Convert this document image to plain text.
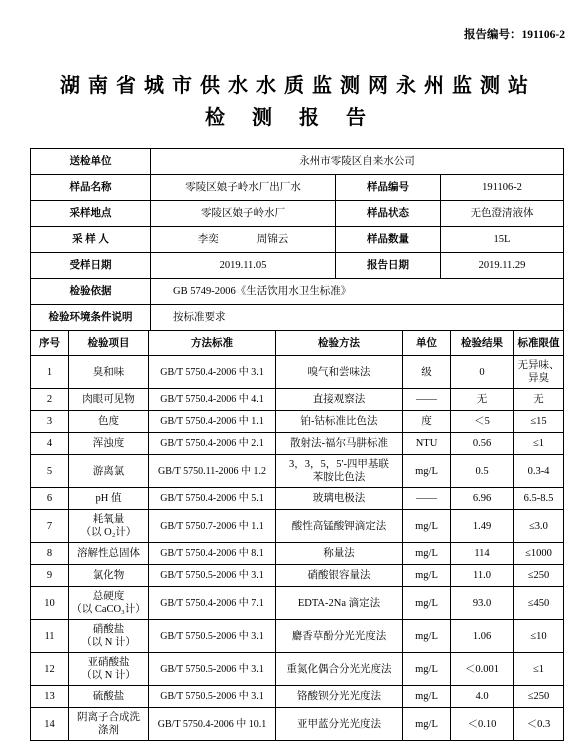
报告编号：191106-2
湖南省城市供水水质监测网永州监测站
检 测 报 告
送检单位	永州市零陵区自来水公司		
样品名称	零陵区娘子岭水厂出厂水	样品编号	191106-2
采样地点	零陵区娘子岭水厂	样品状态	无色澄清液体
采 样 人	李奕 周锦云	样品数量	15L
受样日期	2019.11.05	报告日期	2019.11.29
检验依据	GB 5749-2006《生活饮用水卫生标准》		
检验环境条件说明	按标准要求		
序号	检验项目	方法标准	检验方法	单位	检验结果	标准限值
1	臭和味	GB/T 5750.4-2006 中 3.1	嗅气和尝味法	级	0	无异味、异臭
2	肉眼可见物	GB/T 5750.4-2006 中 4.1	直接观察法	——	无	无
3	色度	GB/T 5750.4-2006 中 1.1	铂-钴标准比色法	度	＜5	≤15
4	浑浊度	GB/T 5750.4-2006 中 2.1	散射法-福尔马肼标准	NTU	0.56	≤1
5	游离氯	GB/T 5750.11-2006 中 1.2	3，3，5，5'-四甲基联苯胺比色法	mg/L	0.5	0.3-4
6	pH 值	GB/T 5750.4-2006 中 5.1	玻璃电极法	——	6.96	6.5-8.5
7	耗氧量
（以 O₂计）	GB/T 5750.7-2006 中 1.1	酸性高锰酸钾滴定法	mg/L	1.49	≤3.0
8	溶解性总固体	GB/T 5750.4-2006 中 8.1	称量法	mg/L	114	≤1000
9	氯化物	GB/T 5750.5-2006 中 3.1	硝酸银容量法	mg/L	11.0	≤250
10	总硬度
（以 CaCO₃计）	GB/T 5750.4-2006 中 7.1	EDTA-2Na 滴定法	mg/L	93.0	≤450
11	硝酸盐
（以 N 计）	GB/T 5750.5-2006 中 3.1	麝香草酚分光光度法	mg/L	1.06	≤10
12	亚硝酸盐
（以 N 计）	GB/T 5750.5-2006 中 3.1	重氮化偶合分光光度法	mg/L	＜0.001	≤1
13	硫酸盐	GB/T 5750.5-2006 中 3.1	铬酸钡分光光度法	mg/L	4.0	≤250
14	阴离子合成洗涤剂	GB/T 5750.4-2006 中 10.1	亚甲蓝分光光度法	mg/L	＜0.10	＜0.3
